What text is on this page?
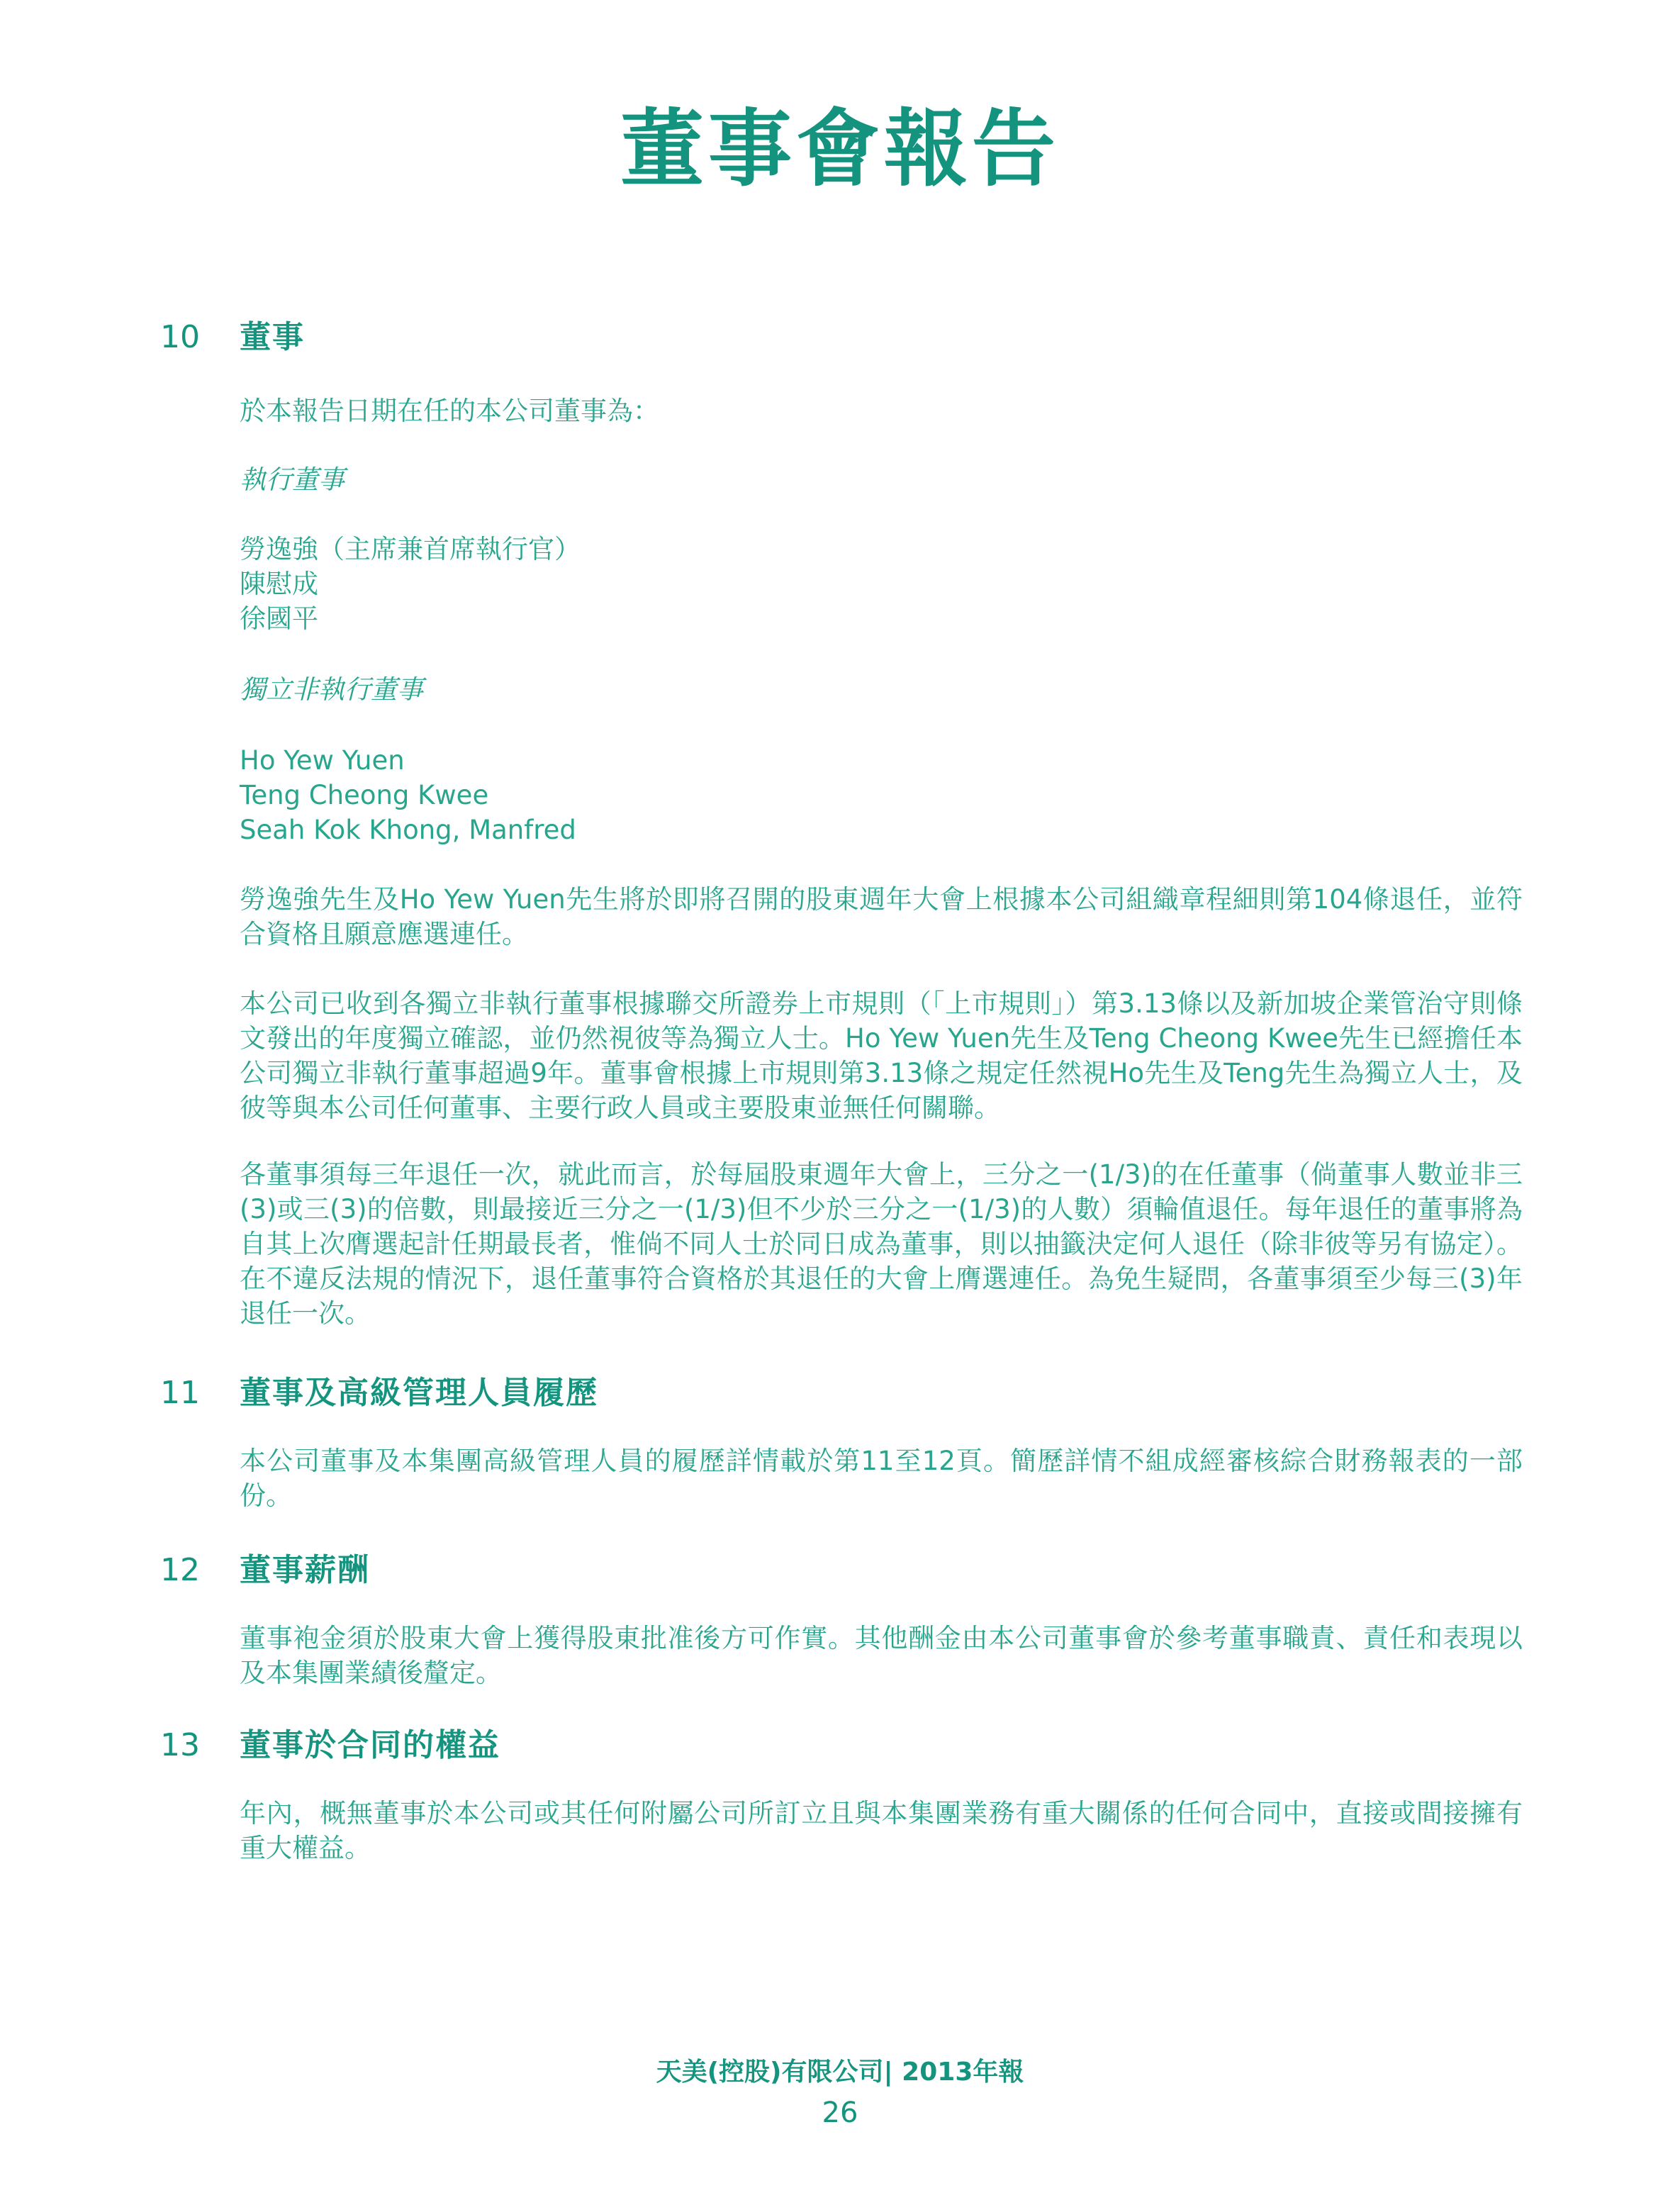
董事會報告
10 董事
於本報告日期在任的本公司董事為：
執行董事
勞逸強（主席兼首席執行官）
陳慰成
徐國平
獨立非執行董事
Ho Yew Yuen
Teng Cheong Kwee
Seah Kok Khong, Manfred
勞逸強先生及Ho Yew Yuen先生將於即將召開的股東週年大會上根據本公司組織章程細則第104條退任，並符合資格且願意應選連任。
本公司已收到各獨立非執行董事根據聯交所證券上市規則（「上市規則」）第3.13條以及新加坡企業管治守則條文發出的年度獨立確認，並仍然視彼等為獨立人士。Ho Yew Yuen先生及Teng Cheong Kwee先生已經擔任本公司獨立非執行董事超過9年。董事會根據上市規則第3.13條之規定任然視Ho先生及Teng先生為獨立人士，及彼等與本公司任何董事、主要行政人員或主要股東並無任何關聯。
各董事須每三年退任一次，就此而言，於每屆股東週年大會上，三分之一(1/3)的在任董事（倘董事人數並非三(3)或三(3)的倍數，則最接近三分之一(1/3)但不少於三分之一(1/3)的人數）須輪值退任。每年退任的董事將為自其上次膺選起計任期最長者，惟倘不同人士於同日成為董事，則以抽籤決定何人退任（除非彼等另有協定）。在不違反法規的情況下，退任董事符合資格於其退任的大會上膺選連任。為免生疑問，各董事須至少每三(3)年退任一次。
11 董事及高級管理人員履歷
本公司董事及本集團高級管理人員的履歷詳情載於第11至12頁。簡歷詳情不組成經審核綜合財務報表的一部份。
12 董事薪酬
董事袍金須於股東大會上獲得股東批准後方可作實。其他酬金由本公司董事會於參考董事職責、責任和表現以及本集團業績後釐定。
13 董事於合同的權益
年內，概無董事於本公司或其任何附屬公司所訂立且與本集團業務有重大關係的任何合同中，直接或間接擁有重大權益。
天美(控股)有限公司| 2013年報
26
